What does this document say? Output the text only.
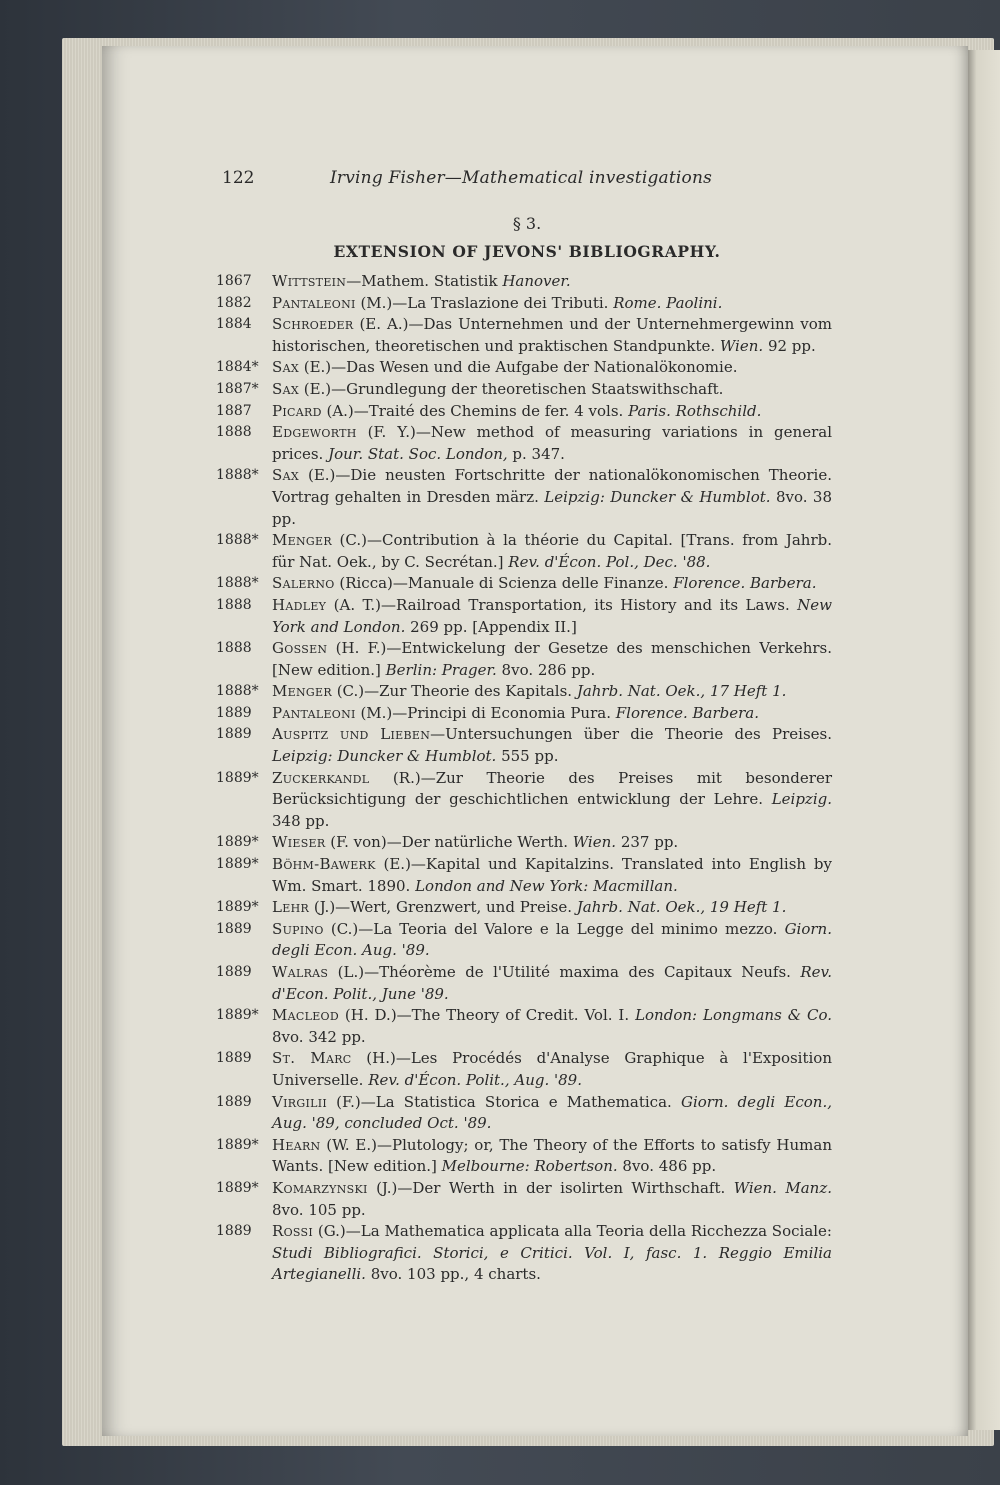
122	Irving Fisher—Mathematical investigations
§ 3.
EXTENSION OF JEVONS' BIBLIOGRAPHY.
1867	Wittstein—Mathem. Statistik Hanover.
1882	Pantaleoni (M.)—La Traslazione dei Tributi. Rome. Paolini.
1884	Schroeder (E. A.)—Das Unternehmen und der Unternehmergewinn vom historischen, theoretischen und praktischen Standpunkte. Wien. 92 pp.
1884* Sax (E.)—Das Wesen und die Aufgabe der Nationalökonomie.
1887* Sax (E.)—Grundlegung der theoretischen Staatswithschaft.
1887	Picard (A.)—Traité des Chemins de fer. 4 vols. Paris. Rothschild.
1888	Edgeworth (F. Y.)—New method of measuring variations in general prices. Jour. Stat. Soc. London, p. 347.
1888* Sax (E.)—Die neusten Fortschritte der nationalökonomischen Theorie. Vortrag gehalten in Dresden märz. Leipzig: Duncker & Humblot. 8vo. 38 pp.
1888* Menger (C.)—Contribution à la théorie du Capital. [Trans. from Jahrb. für Nat. Oek., by C. Secrétan.] Rev. d'Écon. Pol., Dec. '88.
1888* Salerno (Ricca)—Manuale di Scienza delle Finanze. Florence. Barbera.
1888	Hadley (A. T.)—Railroad Transportation, its History and its Laws. New York and London. 269 pp. [Appendix II.]
1888	Gossen (H. F.)—Entwickelung der Gesetze des menschichen Verkehrs. [New edition.] Berlin: Prager. 8vo. 286 pp.
1888* Menger (C.)—Zur Theorie des Kapitals. Jahrb. Nat. Oek., 17 Heft 1.
1889	Pantaleoni (M.)—Principi di Economia Pura. Florence. Barbera.
1889	Auspitz und Lieben—Untersuchungen über die Theorie des Preises. Leipzig: Duncker & Humblot. 555 pp.
1889* Zuckerkandl (R.)—Zur Theorie des Preises mit besonderer Berücksichtigung der geschichtlichen entwicklung der Lehre. Leipzig. 348 pp.
1889* Wieser (F. von)—Der natürliche Werth. Wien. 237 pp.
1889* Böhm-Bawerk (E.)—Kapital und Kapitalzins. Translated into English by Wm. Smart. 1890. London and New York: Macmillan.
1889* Lehr (J.)—Wert, Grenzwert, und Preise. Jahrb. Nat. Oek., 19 Heft 1.
1889	Supino (C.)—La Teoria del Valore e la Legge del minimo mezzo. Giorn. degli Econ. Aug. '89.
1889	Walras (L.)—Théorème de l'Utilité maxima des Capitaux Neufs. Rev. d'Econ. Polit., June '89.
1889* Macleod (H. D.)—The Theory of Credit. Vol. I. London: Longmans & Co. 8vo. 342 pp.
1889	St. Marc (H.)—Les Procédés d'Analyse Graphique à l'Exposition Universelle. Rev. d'Écon. Polit., Aug. '89.
1889	Virgilii (F.)—La Statistica Storica e Mathematica. Giorn. degli Econ., Aug. '89, concluded Oct. '89.
1889* Hearn (W. E.)—Plutology; or, The Theory of the Efforts to satisfy Human Wants. [New edition.] Melbourne: Robertson. 8vo. 486 pp.
1889* Komarzynski (J.)—Der Werth in der isolirten Wirthschaft. Wien. Manz. 8vo. 105 pp.
1889	Rossi (G.)—La Mathematica applicata alla Teoria della Ricchezza Sociale: Studi Bibliografici. Storici, e Critici. Vol. I, fasc. 1. Reggio Emilia Artegianelli. 8vo. 103 pp., 4 charts.
